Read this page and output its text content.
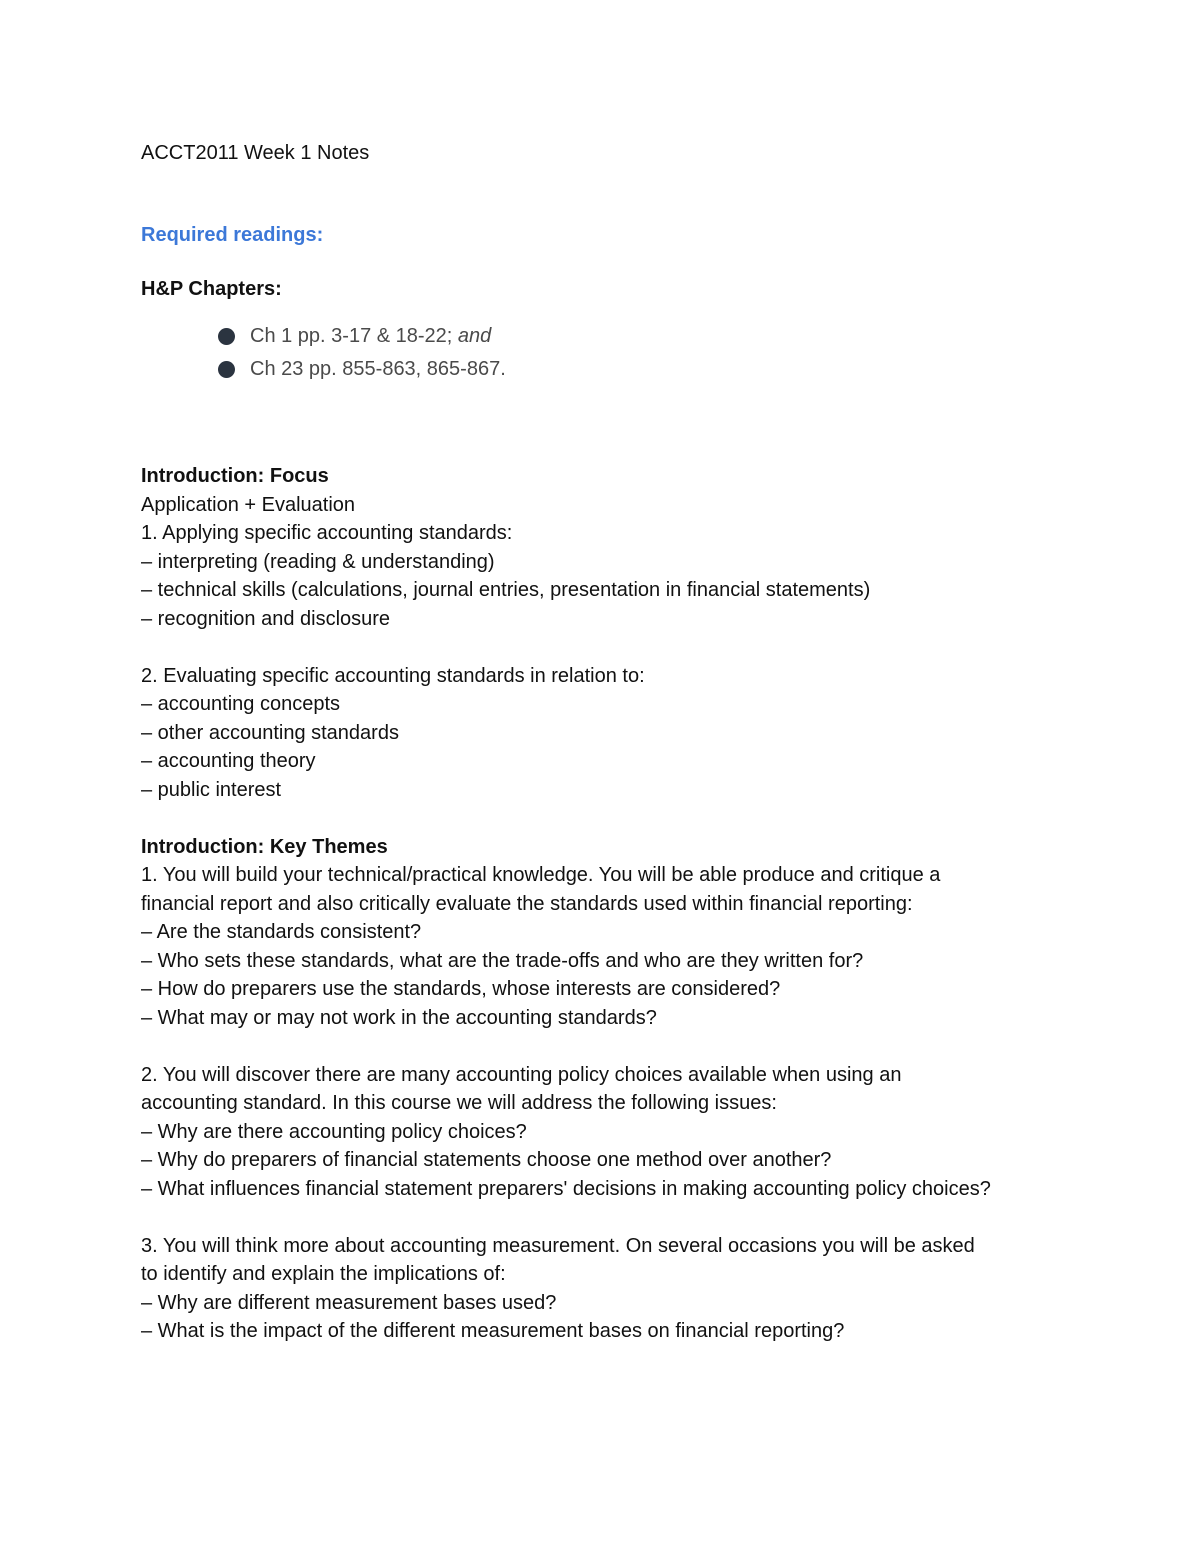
ACCT2011 Week 1 Notes

Required readings:

H&P Chapters:

Ch 1 pp. 3-17 & 18-22; and
Ch 23 pp. 855-863, 865-867.

Introduction: Focus

Application + Evaluation

1. Applying specific accounting standards:

– interpreting (reading & understanding)

– technical skills (calculations, journal entries, presentation in financial statements)

– recognition and disclosure

2. Evaluating specific accounting standards in relation to:

– accounting concepts

– other accounting standards

– accounting theory

– public interest

Introduction: Key Themes

1. You will build your technical/practical knowledge. You will be able produce and critique a

financial report and also critically evaluate the standards used within financial reporting:

– Are the standards consistent?

– Who sets these standards, what are the trade-offs and who are they written for?

– How do preparers use the standards, whose interests are considered?

– What may or may not work in the accounting standards?

2. You will discover there are many accounting policy choices available when using an

accounting standard. In this course we will address the following issues:

– Why are there accounting policy choices?

– Why do preparers of financial statements choose one method over another?

– What influences financial statement preparers' decisions in making accounting policy choices?

3. You will think more about accounting measurement. On several occasions you will be asked

to identify and explain the implications of:

– Why are different measurement bases used?

– What is the impact of the different measurement bases on financial reporting?
